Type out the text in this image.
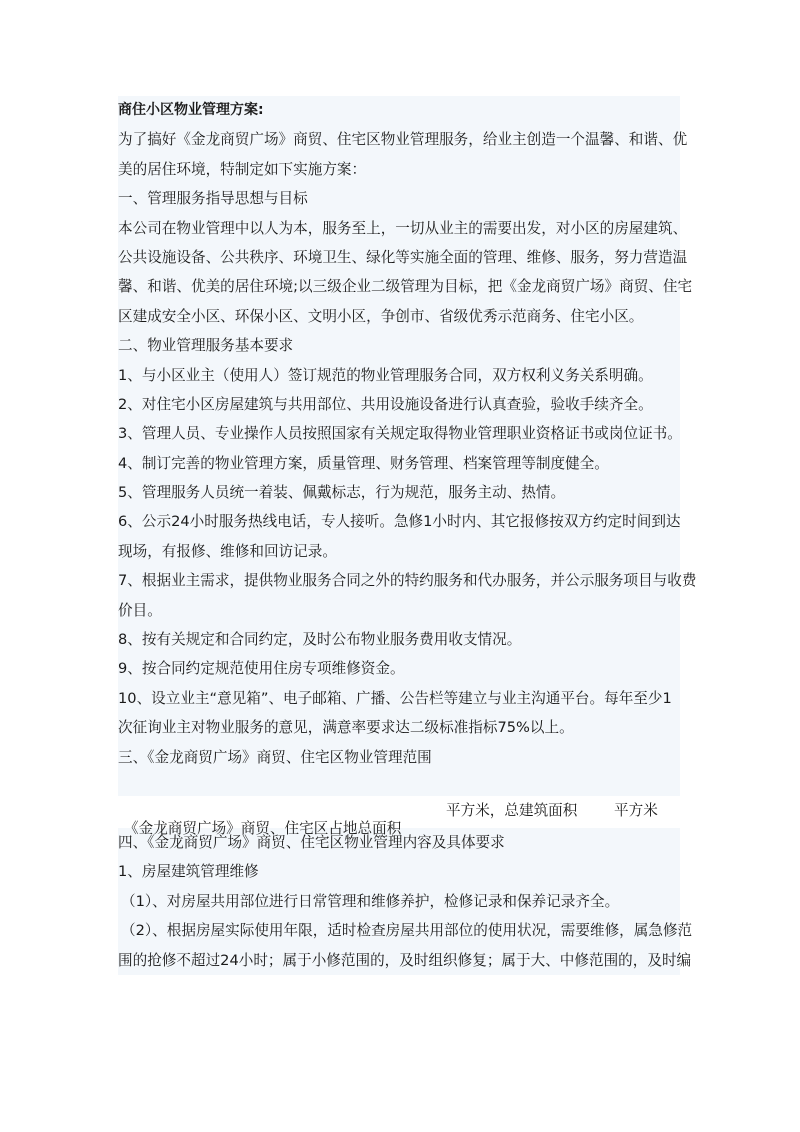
商住小区物业管理方案:
为了搞好《金龙商贸广场》商贸、住宅区物业管理服务，给业主创造一个温馨、和谐、优
美的居住环境，特制定如下实施方案：
一、管理服务指导思想与目标
本公司在物业管理中以人为本，服务至上，一切从业主的需要出发，对小区的房屋建筑、
公共设施设备、公共秩序、环境卫生、绿化等实施全面的管理、维修、服务，努力营造温
馨、和谐、优美的居住环境;以三级企业二级管理为目标，把《金龙商贸广场》商贸、住宅
区建成安全小区、环保小区、文明小区，争创市、省级优秀示范商务、住宅小区。
二、物业管理服务基本要求
1、与小区业主（使用人）签订规范的物业管理服务合同，双方权利义务关系明确。
2、对住宅小区房屋建筑与共用部位、共用设施设备进行认真查验，验收手续齐全。
3、管理人员、专业操作人员按照国家有关规定取得物业管理职业资格证书或岗位证书。
4、制订完善的物业管理方案，质量管理、财务管理、档案管理等制度健全。
5、管理服务人员统一着装、佩戴标志，行为规范，服务主动、热情。
6、公示24小时服务热线电话，专人接听。急修1小时内、其它报修按双方约定时间到达
现场，有报修、维修和回访记录。
7、根据业主需求，提供物业服务合同之外的特约服务和代办服务，并公示服务项目与收费
价目。
8、按有关规定和合同约定，及时公布物业服务费用收支情况。
9、按合同约定规范使用住房专项维修资金。
10、设立业主“意见箱”、电子邮箱、广播、公告栏等建立与业主沟通平台。每年至少1
次征询业主对物业服务的意见，满意率要求达二级标准指标75%以上。
三、《金龙商贸广场》商贸、住宅区物业管理范围
《金龙商贸广场》商贸、住宅区占地总面积
平方米，总建筑面积	平方米
四、《金龙商贸广场》商贸、住宅区物业管理内容及具体要求
1、房屋建筑管理维修
（1）、对房屋共用部位进行日常管理和维修养护，检修记录和保养记录齐全。
（2）、根据房屋实际使用年限，适时检查房屋共用部位的使用状况，需要维修，属急修范
围的抢修不超过24小时；属于小修范围的，及时组织修复；属于大、中修范围的，及时编
